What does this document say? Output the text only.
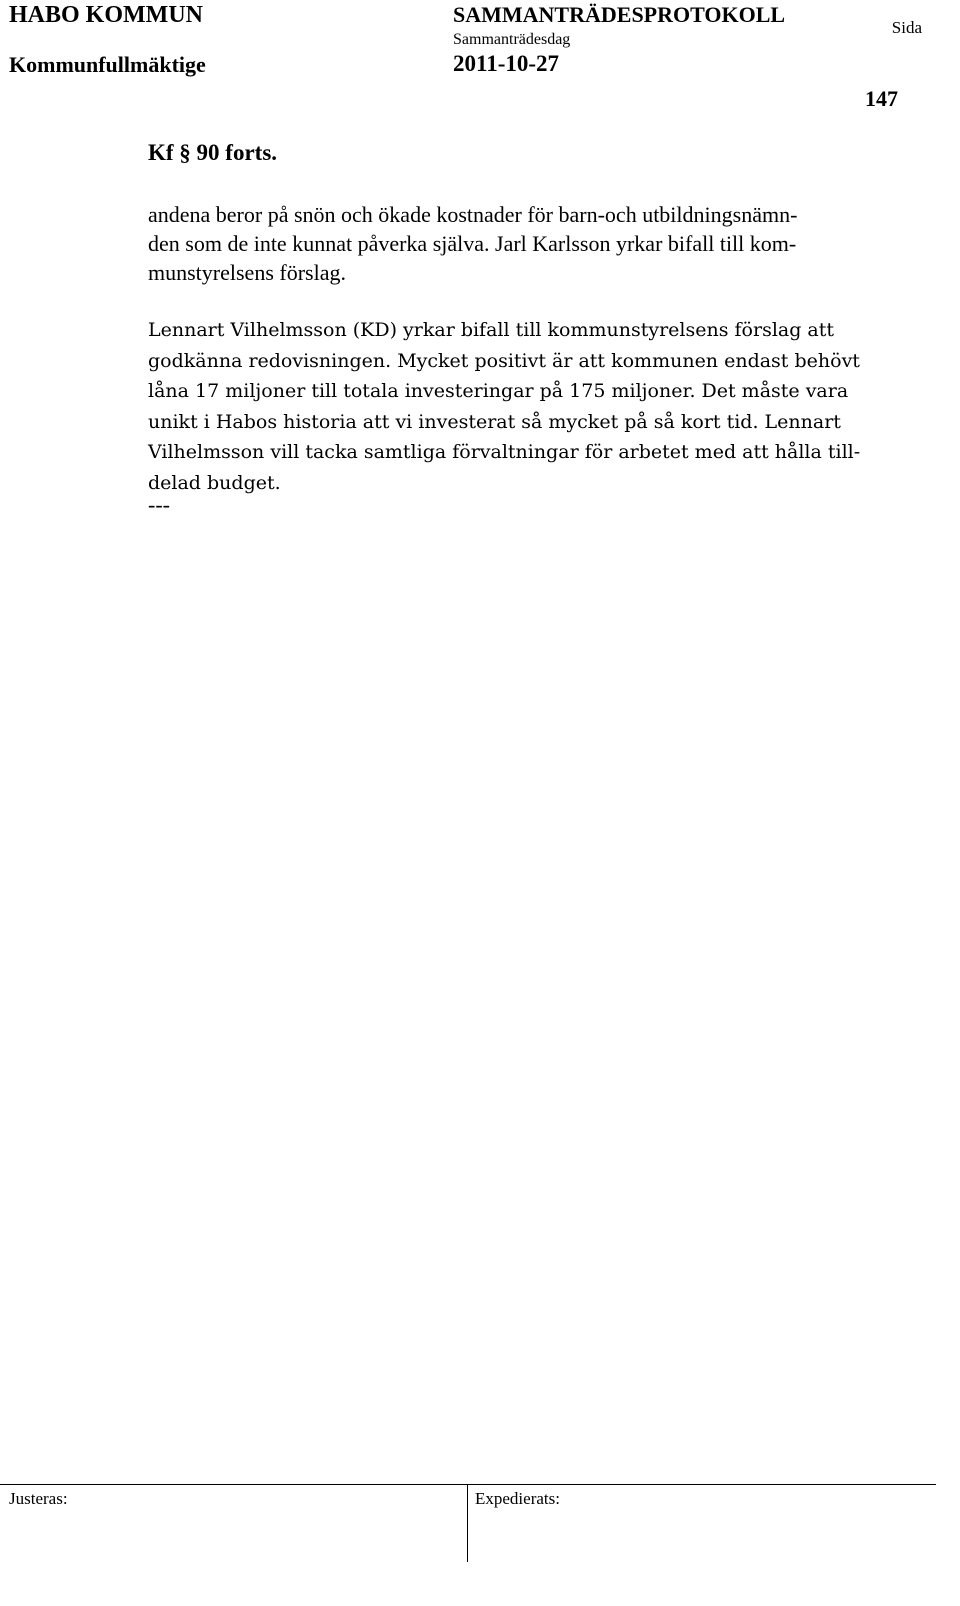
HABO KOMMUN
Kommunfullmäktige
SAMMANTRÄDESPROTOKOLL
Sammanträdesdag
2011-10-27
Sida
147
Kf § 90 forts.

andena beror på snön och ökade kostnader för barn-och utbildningsnämn-
den som de inte kunnat påverka själva. Jarl Karlsson yrkar bifall till kom-
munstyrelsens förslag.

Lennart Vilhelmsson (KD) yrkar bifall till kommunstyrelsens förslag att
godkänna redovisningen. Mycket positivt är att kommunen endast behövt
låna 17 miljoner till totala investeringar på 175 miljoner. Det måste vara
unikt i Habos historia att vi investerat så mycket på så kort tid. Lennart
Vilhelmsson vill tacka samtliga förvaltningar för arbetet med att hålla till-
delad budget.

---
Justeras:	Expedierats:
